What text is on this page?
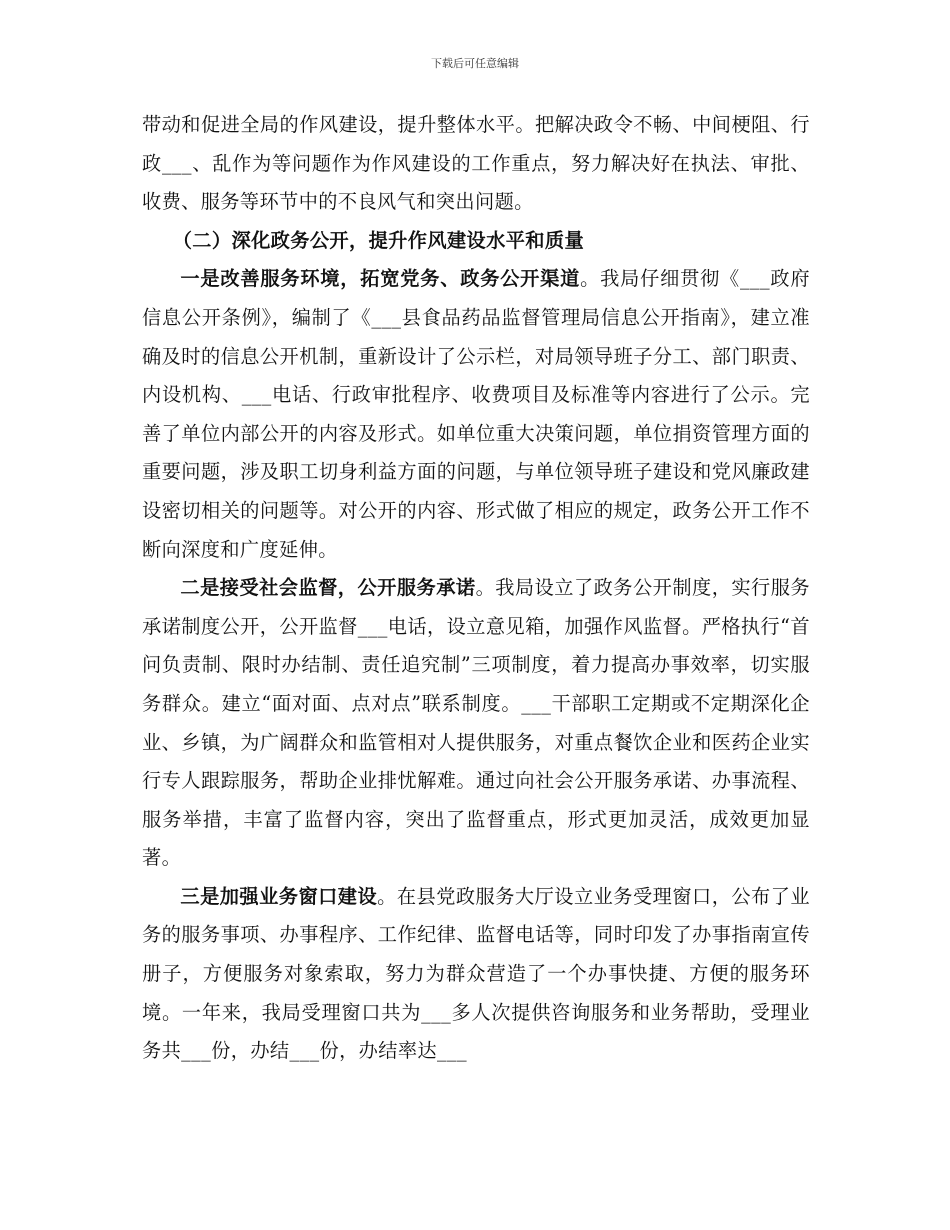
下载后可任意编辑

带动和促进全局的作风建设，提升整体水平。把解决政令不畅、中间梗阻、行政___、乱作为等问题作为作风建设的工作重点，努力解决好在执法、审批、收费、服务等环节中的不良风气和突出问题。

（二）深化政务公开，提升作风建设水平和质量

一是改善服务环境，拓宽党务、政务公开渠道。我局仔细贯彻《___政府信息公开条例》，编制了《___县食品药品监督管理局信息公开指南》，建立准确及时的信息公开机制，重新设计了公示栏，对局领导班子分工、部门职责、内设机构、___电话、行政审批程序、收费项目及标准等内容进行了公示。完善了单位内部公开的内容及形式。如单位重大决策问题，单位捐资管理方面的重要问题，涉及职工切身利益方面的问题，与单位领导班子建设和党风廉政建设密切相关的问题等。对公开的内容、形式做了相应的规定，政务公开工作不断向深度和广度延伸。

二是接受社会监督，公开服务承诺。我局设立了政务公开制度，实行服务承诺制度公开，公开监督___电话，设立意见箱，加强作风监督。严格执行“首问负责制、限时办结制、责任追究制”三项制度，着力提高办事效率，切实服务群众。建立“面对面、点对点”联系制度。___干部职工定期或不定期深化企业、乡镇，为广阔群众和监管相对人提供服务，对重点餐饮企业和医药企业实行专人跟踪服务，帮助企业排忧解难。通过向社会公开服务承诺、办事流程、服务举措，丰富了监督内容，突出了监督重点，形式更加灵活，成效更加显著。

三是加强业务窗口建设。在县党政服务大厅设立业务受理窗口，公布了业务的服务事项、办事程序、工作纪律、监督电话等，同时印发了办事指南宣传册子，方便服务对象索取，努力为群众营造了一个办事快捷、方便的服务环境。一年来，我局受理窗口共为___多人次提供咨询服务和业务帮助，受理业务共___份，办结___份，办结率达___
